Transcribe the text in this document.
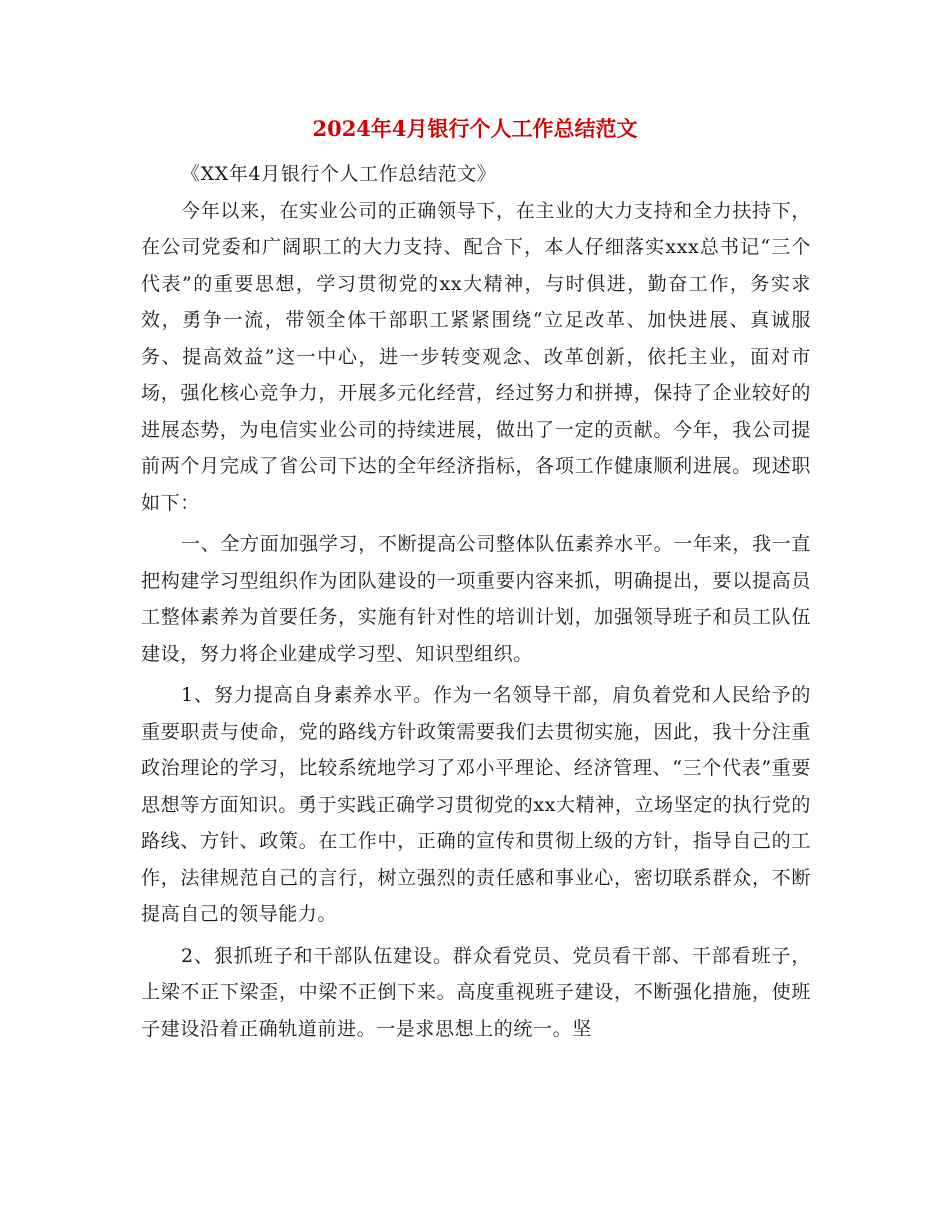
2024年4月银行个人工作总结范文

《XX年4月银行个人工作总结范文》

今年以来，在实业公司的正确领导下，在主业的大力支持和全力扶持下，在公司党委和广阔职工的大力支持、配合下，本人仔细落实xxx总书记“三个代表”的重要思想，学习贯彻党的xx大精神，与时俱进，勤奋工作，务实求效，勇争一流，带领全体干部职工紧紧围绕“立足改革、加快进展、真诚服务、提高效益”这一中心，进一步转变观念、改革创新，依托主业，面对市场，强化核心竞争力，开展多元化经营，经过努力和拼搏，保持了企业较好的进展态势，为电信实业公司的持续进展，做出了一定的贡献。今年，我公司提前两个月完成了省公司下达的全年经济指标，各项工作健康顺利进展。现述职如下：

一、全方面加强学习，不断提高公司整体队伍素养水平。一年来，我一直把构建学习型组织作为团队建设的一项重要内容来抓，明确提出，要以提高员工整体素养为首要任务，实施有针对性的培训计划，加强领导班子和员工队伍建设，努力将企业建成学习型、知识型组织。

1、努力提高自身素养水平。作为一名领导干部，肩负着党和人民给予的重要职责与使命，党的路线方针政策需要我们去贯彻实施，因此，我十分注重政治理论的学习，比较系统地学习了邓小平理论、经济管理、“三个代表”重要思想等方面知识。勇于实践正确学习贯彻党的xx大精神，立场坚定的执行党的路线、方针、政策。在工作中，正确的宣传和贯彻上级的方针，指导自己的工作，法律规范自己的言行，树立强烈的责任感和事业心，密切联系群众，不断提高自己的领导能力。

2、狠抓班子和干部队伍建设。群众看党员、党员看干部、干部看班子，上梁不正下梁歪，中梁不正倒下来。高度重视班子建设，不断强化措施，使班子建设沿着正确轨道前进。一是求思想上的统一。坚
